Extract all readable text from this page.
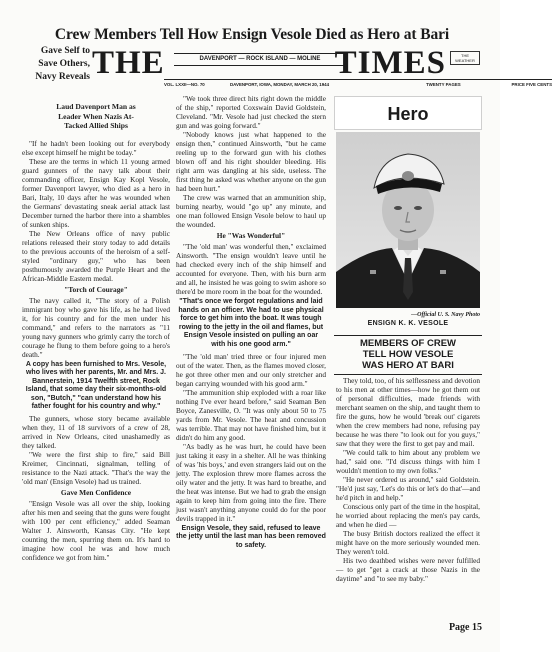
Crew Members Tell How Ensign Vesole Died as Hero at Bari
Gave Self to
Save Others,
Navy Reveals THE	DAVENPORT — ROCK ISLAND — MOLINE TIMES	THE WEATHER
VOL. LXXII—NO. 70	DAVENPORT, IOWA, MONDAY, MARCH 20, 1944	TWENTY PAGES	PRICE FIVE CENTS
Laud Davenport Man as
Leader When Nazis At-
Tacked Allied Ships

"If he hadn't been looking out for everybody else except himself he might be today."

These are the terms in which 11 young armed guard gunners of the navy talk about their commanding officer, Ensign Kay Kopl Vesole, former Davenport lawyer, who died as a hero in Bari, Italy, 10 days after he was wounded when the Germans' devastating sneak aerial attack last December turned the harbor there into a shambles of sunken ships.

The New Orleans office of navy public relations released their story today to add details to the previous accounts of the heroism of a self-styled "ordinary guy," who has been posthumously awarded the Purple Heart and the African-Middle Eastern medal.

"Torch of Courage"

The navy called it, "The story of a Polish immigrant boy who gave his life, as he had lived it, for his country and for the men under his command," and refers to the narrators as "11 young navy gunners who grimly carry the torch of courage he flung to them before going to a hero's death."

A copy has been furnished to Mrs. Vesole, who lives with her parents, Mr. and Mrs. J. Bannerstein, 1914 Twelfth street, Rock Island, that some day their six-months-old son, "Butch," "can understand how his father fought for his country and why."

The gunners, whose story became available when they, 11 of 18 survivors of a crew of 28, arrived in New Orleans, cited unashamedly as they talked.

"We were the first ship to fire," said Bill Kreimer, Cincinnati, signalman, telling of resistance to the Nazi attack. "That's the way the 'old man' (Ensign Vesole) had us trained.

Gave Men Confidence

"Ensign Vesole was all over the ship, looking after his men and seeing that the guns were fought with 100 per cent efficiency," added Seaman Walter J. Ainsworth, Kansas City. "He kept counting the men, spurring them on. It's hard to imagine how cool he was and how much confidence we got from him."

"We took three direct hits right down the middle of the ship," reported Coxswain David Goldstein, Cleveland. "Mr. Vesole had just checked the stern gun and was going forward."

"Nobody knows just what happened to the ensign then," continued Ainsworth, "but he came reeling up to the forward gun with his clothes blown off and his right shoulder bleeding. His right arm was dangling at his side, useless. The first thing he asked was whether anyone on the gun had been hurt."

The crew was warned that an ammunition ship, burning nearby, would "go up" any minute, and one man followed Ensign Vesole below to haul up the wounded.

He "Was Wonderful"

"The 'old man' was wonderful then," exclaimed Ainsworth. "The ensign wouldn't leave until he had checked every inch of the ship himself and accounted for everyone. Then, with his burn arm and all, he insisted he was going to swim ashore so there'd be more room in the boat for the wounded.

"That's once we forgot regulations and laid hands on an officer. We had to use physical force to get him into the boat. It was tough rowing to the jetty in the oil and flames, but Ensign Vesole insisted on pulling an oar with his one good arm."

"The 'old man' tried three or four injured men out of the water. Then, as the flames moved closer, he got three other men and our only stretcher and began carrying wounded with his good arm."

"The ammunition ship exploded with a roar like nothing I've ever heard before," said Seaman Ben Boyce, Zanesville, O. "It was only about 50 to 75 yards from Mr. Vesole. The heat and concussion was terrible. That may not have finished him, but it didn't do him any good.

"As badly as he was hurt, he could have been just taking it easy in a shelter. All he was thinking of was 'his boys,' and even strangers laid out on the jetty. The explosion threw more flames across the oily water and the jetty. It was hard to breathe, and the heat was intense. But we had to grab the ensign again to keep him from going into the fire. There just wasn't anything anyone could do for the poor devils trapped in it."

Ensign Vesole, they said, refused to leave the jetty until the last man has been removed to safety.
Hero
—Official U. S. Navy Photo
ENSIGN K. K. VESOLE
MEMBERS OF CREW
TELL HOW VESOLE
WAS HERO AT BARI

They told, too, of his selflessness and devotion to his men at other times—how he got them out of personal difficulties, made friends with merchant seamen on the ship, and taught them to fire the guns, how he would 'break out' cigarets when the crew members had none, refusing pay because he was there "to look out for you guys," saw that they were the first to get pay and mail.

"We could talk to him about any problem we had," said one. "I'd discuss things with him I wouldn't mention to my own folks."

"He never ordered us around," said Goldstein. "He'd just say, 'Let's do this or let's do that'—and he'd pitch in and help."

Conscious only part of the time in the hospital, he worried about replacing the men's pay cards, and when he died —

The busy British doctors realized the effect it might have on the more seriously wounded men. They weren't told.

His two deathbed wishes were never fulfilled — to get "get a crack at those Nazis in the daytime" and "to see my baby."

Page 15
